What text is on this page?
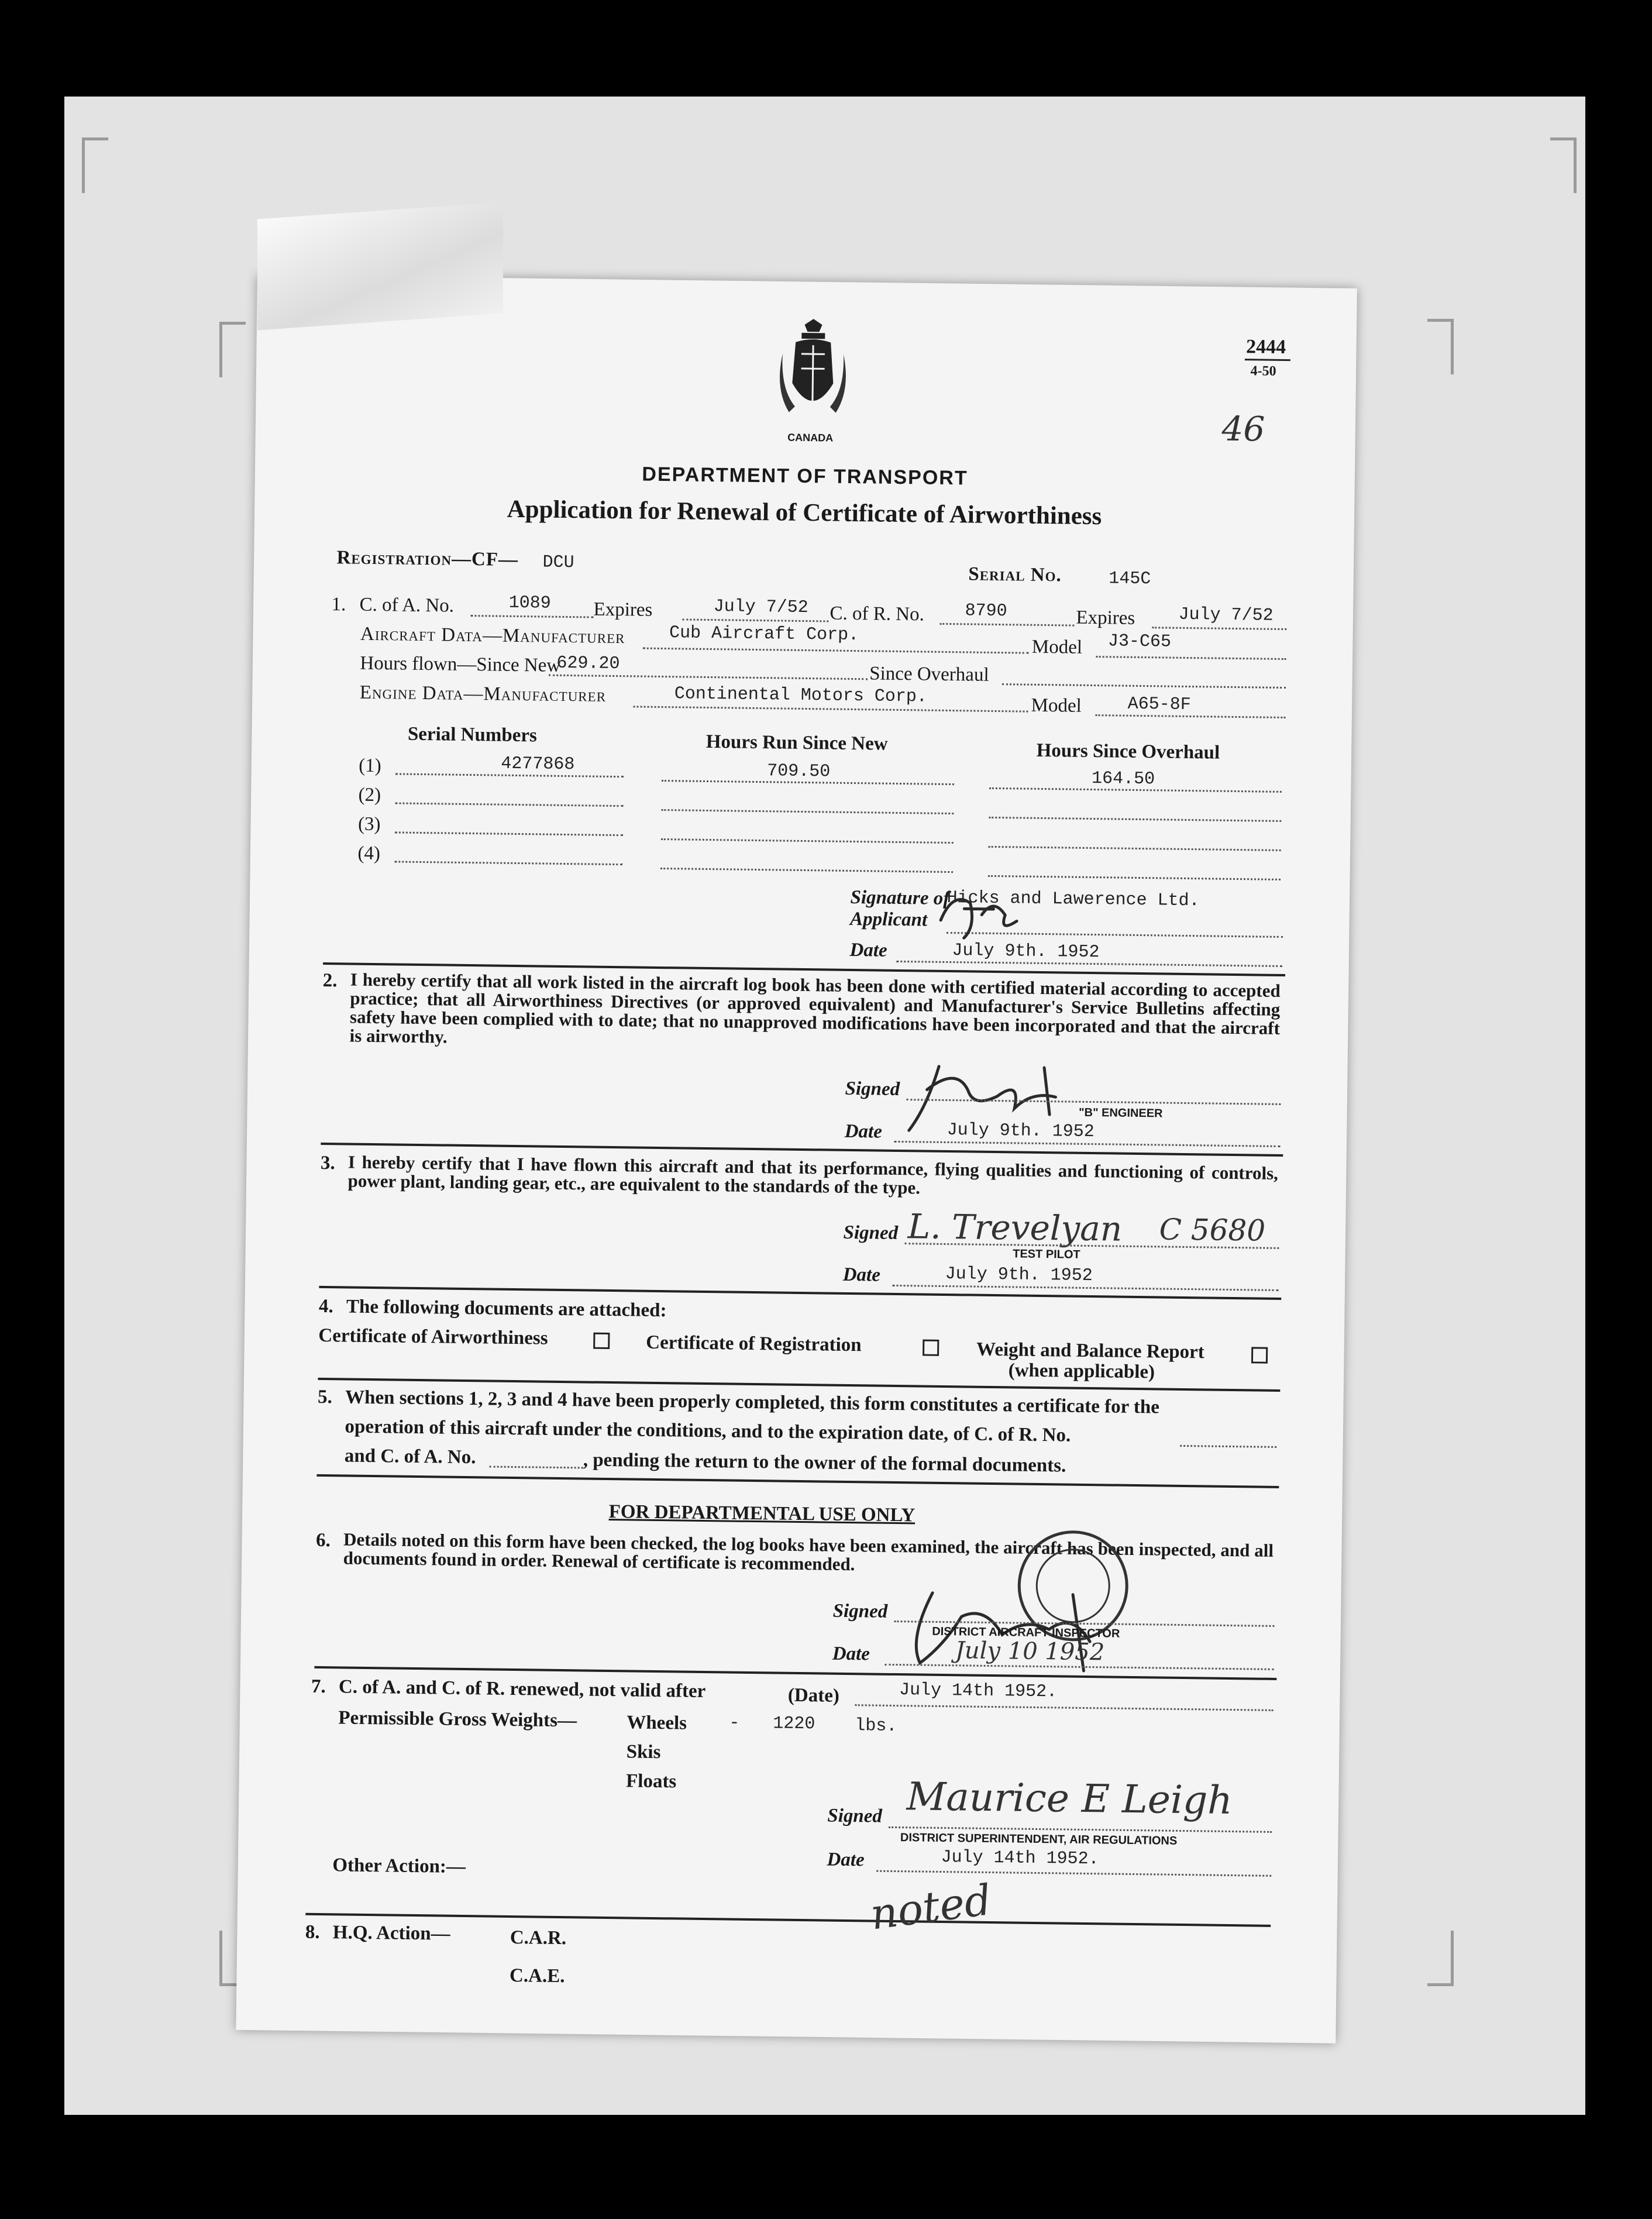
2444
4-50
46
CANADA
DEPARTMENT OF TRANSPORT
Application for Renewal of Certificate of Airworthiness
Registration—CF— DCU
Serial No.	145C
1. C. of A. No.	1089 Expires	July 7/52 C. of R. No. 8790	Expires July 7/52
Aircraft Data—Manufacturer	Cub Aircraft Corp.
Model J3-C65
Hours flown—Since New
629.20	Since Overhaul
Engine Data—Manufacturer	Continental Motors Corp.	Model	A65-8F
Serial Numbers	Hours Run Since New	Hours Since Overhaul
(1)	4277868	709.50	164.50
(2)
(3)
(4)
Signature of
Applicant
Hicks and Lawerence Ltd.
Date	July 9th. 1952
2. I hereby certify that all work listed in the aircraft log book has been done with certified material according to accepted practice; that all Airworthiness Directives (or approved equivalent) and Manufacturer's Service Bulletins affecting safety have been complied with to date; that no unapproved modifications have been incorporated and that the aircraft is airworthy.
Signed
"B" ENGINEER
Date	July 9th. 1952
3. I hereby certify that I have flown this aircraft and that its performance, flying qualities and functioning of controls, power plant, landing gear, etc., are equivalent to the standards of the type.
Signed L. Trevelyan C 5680
TEST PILOT
Date	July 9th. 1952
4. The following documents are attached:
Certificate of Airworthiness	Certificate of Registration	Weight and Balance Report
(when applicable)
5. When sections 1, 2, 3 and 4 have been properly completed, this form constitutes a certificate for the
operation of this aircraft under the conditions, and to the expiration date, of C. of R. No.
and C. of A. No.	, pending the return to the owner of the formal documents.
FOR DEPARTMENTAL USE ONLY
6. Details noted on this form have been checked, the log books have been examined, the aircraft has been inspected, and all documents found in order. Renewal of certificate is recommended.
Signed
DISTRICT AIRCRAFT INSPECTOR
Date	July 10 1952
7. C. of A. and C. of R. renewed, not valid after	(Date)	July 14th 1952.
Permissible Gross Weights—	Wheels - 1220 lbs.
Skis
Floats	Maurice E Leigh
Signed
DISTRICT SUPERINTENDENT, AIR REGULATIONS
Date	July 14th 1952.
Other Action:—
8. H.Q. Action—	C.A.R.
C.A.E.
noted
